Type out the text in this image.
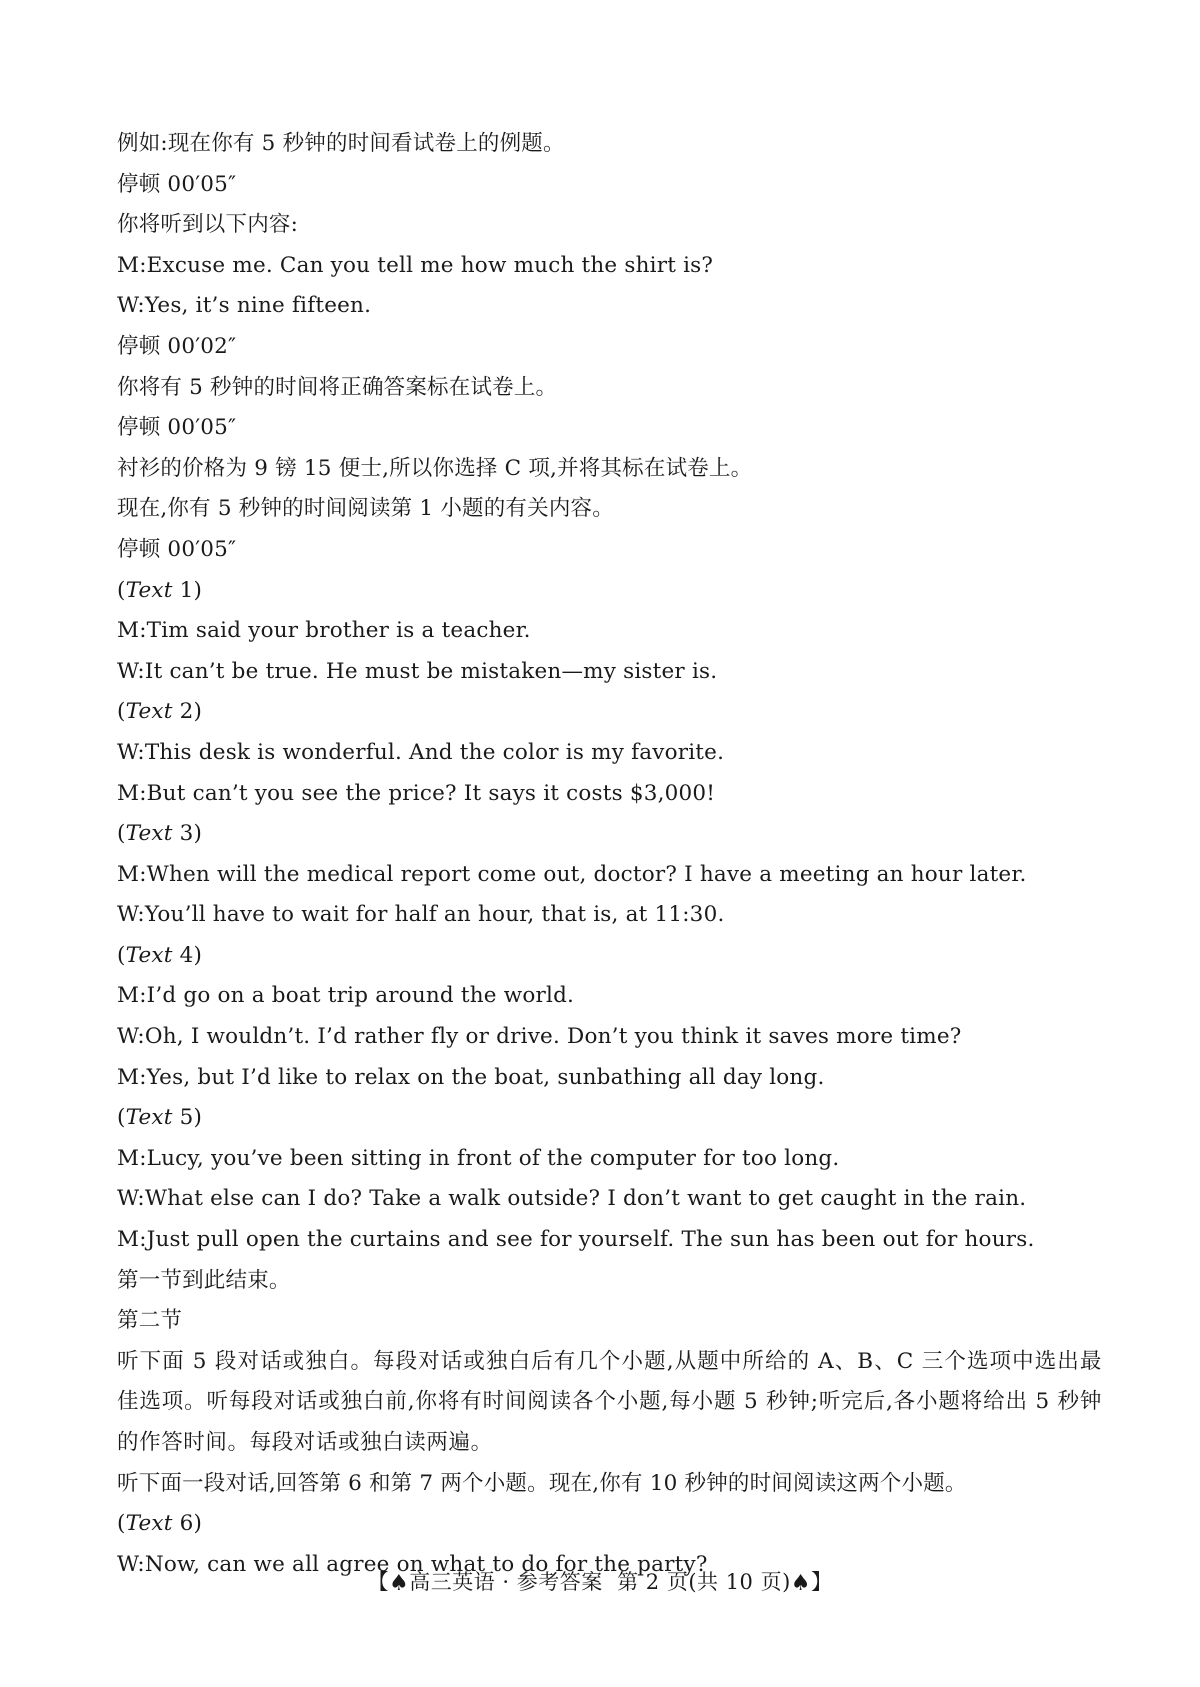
例如:现在你有 5 秒钟的时间看试卷上的例题。
停顿 00′05″
你将听到以下内容:
M:Excuse me. Can you tell me how much the shirt is?
W:Yes, it’s nine fifteen.
停顿 00′02″
你将有 5 秒钟的时间将正确答案标在试卷上。
停顿 00′05″
衬衫的价格为 9 镑 15 便士,所以你选择 C 项,并将其标在试卷上。
现在,你有 5 秒钟的时间阅读第 1 小题的有关内容。
停顿 00′05″
(Text 1)
M:Tim said your brother is a teacher.
W:It can’t be true. He must be mistaken—my sister is.
(Text 2)
W:This desk is wonderful. And the color is my favorite.
M:But can’t you see the price? It says it costs $3,000!
(Text 3)
M:When will the medical report come out, doctor? I have a meeting an hour later.
W:You’ll have to wait for half an hour, that is, at 11:30.
(Text 4)
M:I’d go on a boat trip around the world.
W:Oh, I wouldn’t. I’d rather fly or drive. Don’t you think it saves more time?
M:Yes, but I’d like to relax on the boat, sunbathing all day long.
(Text 5)
M:Lucy, you’ve been sitting in front of the computer for too long.
W:What else can I do? Take a walk outside? I don’t want to get caught in the rain.
M:Just pull open the curtains and see for yourself. The sun has been out for hours.
第一节到此结束。
第二节
听下面 5 段对话或独白。每段对话或独白后有几个小题,从题中所给的 A、B、C 三个选项中选出最佳选项。听每段对话或独白前,你将有时间阅读各个小题,每小题 5 秒钟;听完后,各小题将给出 5 秒钟的作答时间。每段对话或独白读两遍。
听下面一段对话,回答第 6 和第 7 两个小题。现在,你有 10 秒钟的时间阅读这两个小题。
(Text 6)
W:Now, can we all agree on what to do for the party?
【♠高三英语 · 参考答案 第 2 页(共 10 页)♠】
